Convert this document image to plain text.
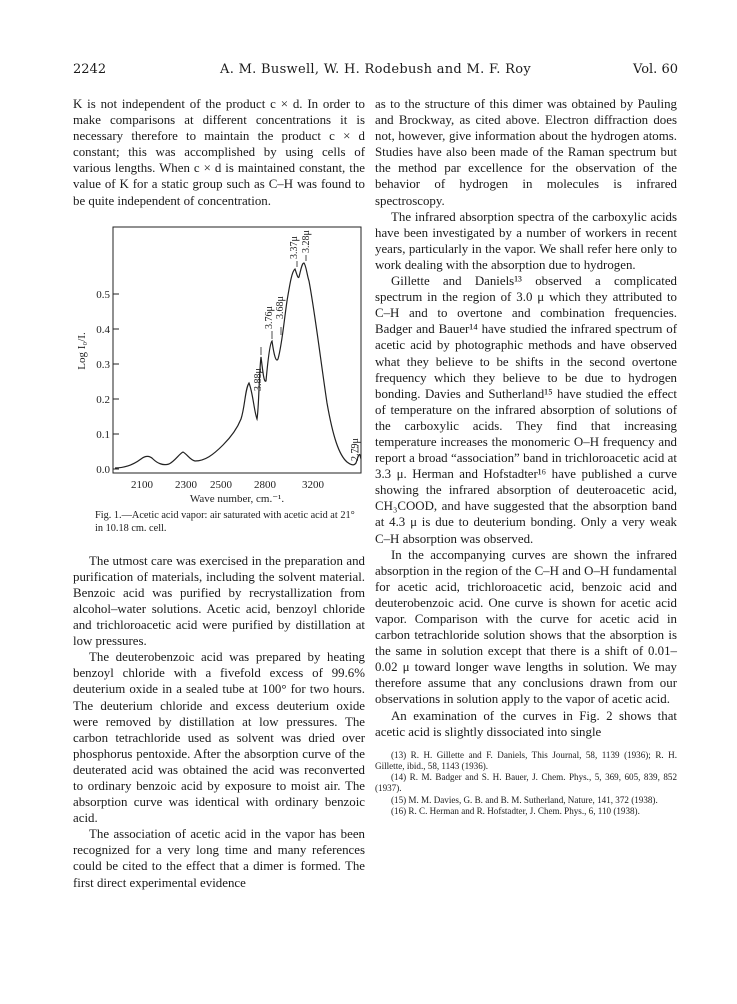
2242	A. M. Buswell, W. H. Rodebush and M. F. Roy	Vol. 60

K is not independent of the product c × d. In order to make comparisons at different concentrations it is necessary therefore to maintain the product c × d constant; this was accomplished by using cells of various lengths. When c × d is maintained constant, the value of K for a static group such as C–H was found to be quite independent of concentration.

0.0
0.1
0.2
0.3
0.4
0.5
Log I₀/I.
3.37μ 3.28μ
3.76μ 3.68μ
3.88μ
2.79μ
2100 2300 2500 2800 3200
Wave number, cm.⁻¹.
Fig. 1.—Acetic acid vapor: air saturated with acetic acid at 21° in 10.18 cm. cell.

The utmost care was exercised in the preparation and purification of materials, including the solvent material. Benzoic acid was purified by recrystallization from alcohol–water solutions. Acetic acid, benzoyl chloride and trichloroacetic acid were purified by distillation at low pressures.

The deuterobenzoic acid was prepared by heating benzoyl chloride with a fivefold excess of 99.6% deuterium oxide in a sealed tube at 100° for two hours. The deuterium chloride and excess deuterium oxide were removed by distillation at low pressures. The carbon tetrachloride used as solvent was dried over phosphorus pentoxide. After the absorption curve of the deuterated acid was obtained the acid was reconverted to ordinary benzoic acid by exposure to moist air. The absorption curve was identical with ordinary benzoic acid.

The association of acetic acid in the vapor has been recognized for a very long time and many references could be cited to the effect that a dimer is formed. The first direct experimental evidence

as to the structure of this dimer was obtained by Pauling and Brockway, as cited above. Electron diffraction does not, however, give information about the hydrogen atoms. Studies have also been made of the Raman spectrum but the method par excellence for the observation of the behavior of hydrogen in molecules is infrared spectroscopy.

The infrared absorption spectra of the carboxylic acids have been investigated by a number of workers in recent years, particularly in the vapor. We shall refer here only to work dealing with the absorption due to hydrogen.

Gillette and Daniels¹³ observed a complicated spectrum in the region of 3.0 μ which they attributed to C–H and to overtone and combination frequencies. Badger and Bauer¹⁴ have studied the infrared spectrum of acetic acid by photographic methods and have observed what they believe to be shifts in the second overtone frequency which they believe to be due to hydrogen bonding. Davies and Sutherland¹⁵ have studied the effect of temperature on the infrared absorption of solutions of the carboxylic acids. They find that increasing temperature increases the monomeric O–H frequency and report a broad “association” band in trichloroacetic acid at 3.3 μ. Herman and Hofstadter¹⁶ have published a curve showing the infrared absorption of deuteroacetic acid, CH₃COOD, and have suggested that the absorption band at 4.3 μ is due to deuterium bonding. Only a very weak C–H absorption was observed.

In the accompanying curves are shown the infrared absorption in the region of the C–H and O–H fundamental for acetic acid, trichloroacetic acid, benzoic acid and deuterobenzoic acid. One curve is shown for acetic acid vapor. Comparison with the curve for acetic acid in carbon tetrachloride solution shows that the absorption is the same in solution except that there is a shift of 0.01–0.02 μ toward longer wave lengths in solution. We may therefore assume that any conclusions drawn from our observations in solution apply to the vapor of acetic acid.

An examination of the curves in Fig. 2 shows that acetic acid is slightly dissociated into single

(13) R. H. Gillette and F. Daniels, This Journal, 58, 1139 (1936); R. H. Gillette, ibid., 58, 1143 (1936).

(14) R. M. Badger and S. H. Bauer, J. Chem. Phys., 5, 369, 605, 839, 852 (1937).

(15) M. M. Davies, G. B. and B. M. Sutherland, Nature, 141, 372 (1938).

(16) R. C. Herman and R. Hofstadter, J. Chem. Phys., 6, 110 (1938).
